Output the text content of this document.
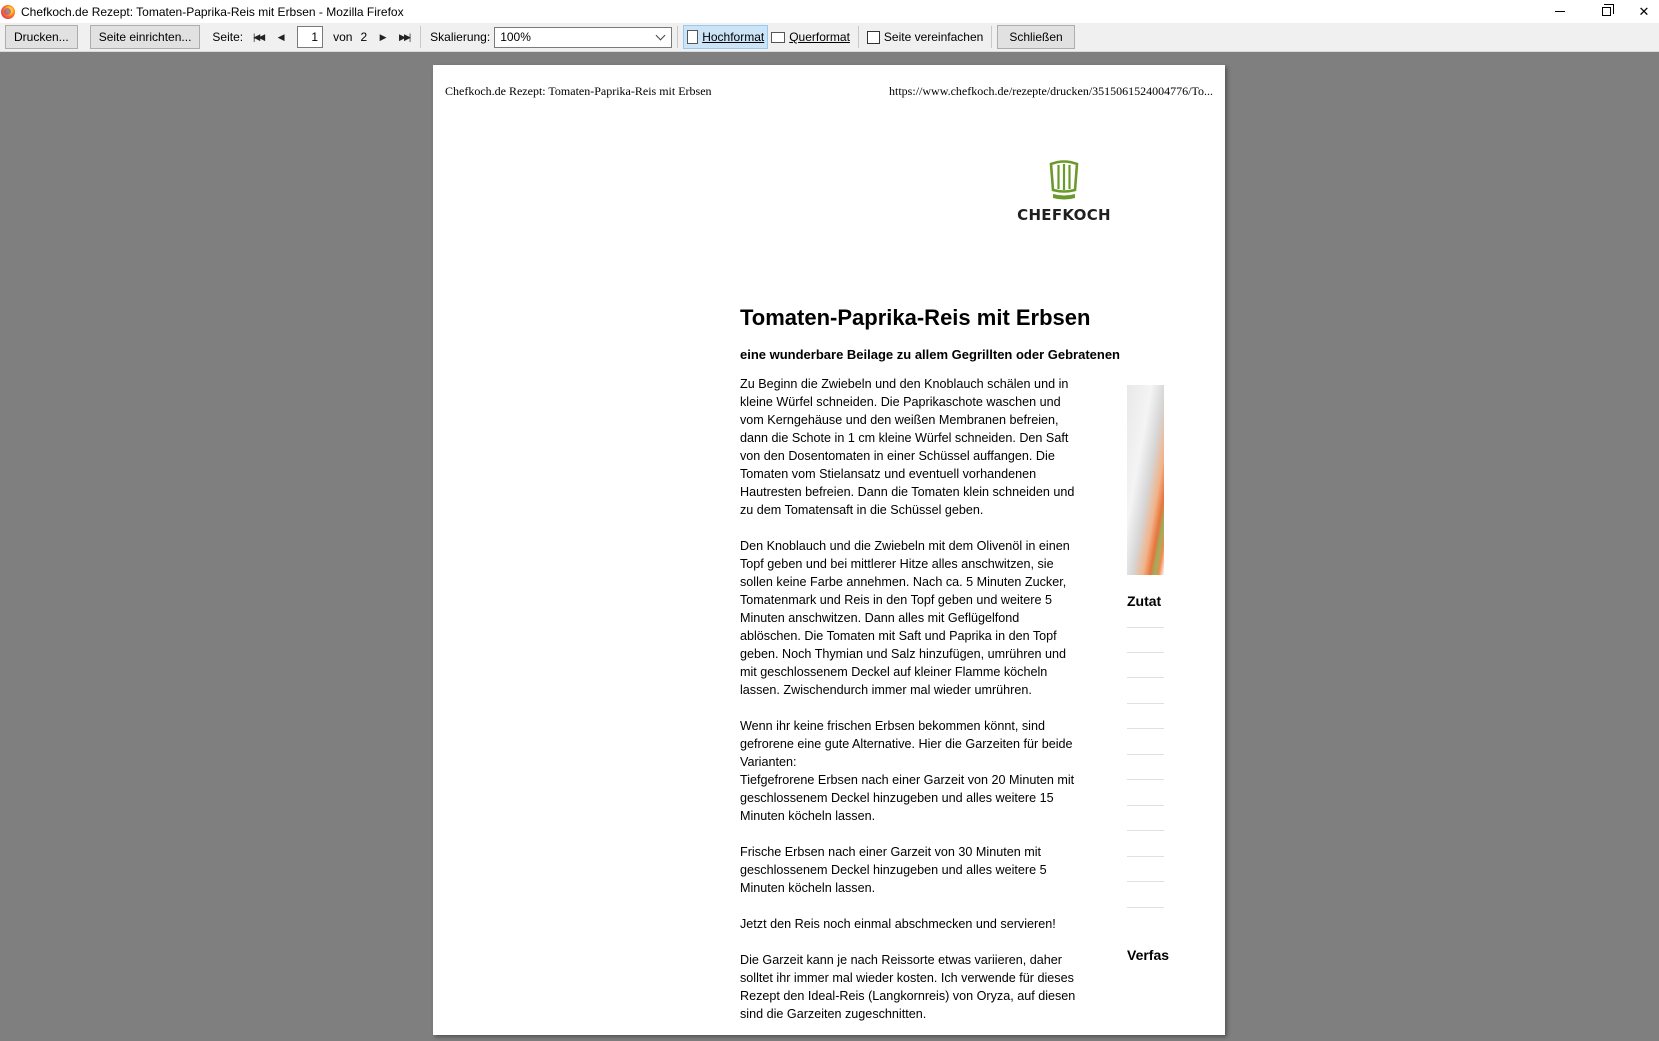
Chefkoch.de Rezept: Tomaten-Paprika-Reis mit Erbsen - Mozilla Firefox	✕
Drucken...	Seite einrichten... Seite: |◀◀ ◀	1	von 2 ▶ ▶▶| Skalierung: 100%	Hochformat Querformat	Seite vereinfachen Schließen
Chefkoch.de Rezept: Tomaten-Paprika-Reis mit Erbsen	https://www.chefkoch.de/rezepte/drucken/3515061524004776/To...
CHEFKOCH
Tomaten-Paprika-Reis mit Erbsen
eine wunderbare Beilage zu allem Gegrillten oder Gebratenen

Zu Beginn die Zwiebeln und den Knoblauch schälen und in
kleine Würfel schneiden. Die Paprikaschote waschen und
vom Kerngehäuse und den weißen Membranen befreien,
dann die Schote in 1 cm kleine Würfel schneiden. Den Saft
von den Dosentomaten in einer Schüssel auffangen. Die
Tomaten vom Stielansatz und eventuell vorhandenen
Hautresten befreien. Dann die Tomaten klein schneiden und
zu dem Tomatensaft in die Schüssel geben.

Den Knoblauch und die Zwiebeln mit dem Olivenöl in einen
Topf geben und bei mittlerer Hitze alles anschwitzen, sie
sollen keine Farbe annehmen. Nach ca. 5 Minuten Zucker,
Tomatenmark und Reis in den Topf geben und weitere 5
Minuten anschwitzen. Dann alles mit Geflügelfond
ablöschen. Die Tomaten mit Saft und Paprika in den Topf
geben. Noch Thymian und Salz hinzufügen, umrühren und
mit geschlossenem Deckel auf kleiner Flamme köcheln
lassen. Zwischendurch immer mal wieder umrühren.

Wenn ihr keine frischen Erbsen bekommen könnt, sind
gefrorene eine gute Alternative. Hier die Garzeiten für beide
Varianten:
Tiefgefrorene Erbsen nach einer Garzeit von 20 Minuten mit
geschlossenem Deckel hinzugeben und alles weitere 15
Minuten köcheln lassen.

Frische Erbsen nach einer Garzeit von 30 Minuten mit
geschlossenem Deckel hinzugeben und alles weitere 5
Minuten köcheln lassen.

Jetzt den Reis noch einmal abschmecken und servieren!

Die Garzeit kann je nach Reissorte etwas variieren, daher
solltet ihr immer mal wieder kosten. Ich verwende für dieses
Rezept den Ideal-Reis (Langkornreis) von Oryza, auf diesen
sind die Garzeiten zugeschnitten.

Zutat
Verfas
